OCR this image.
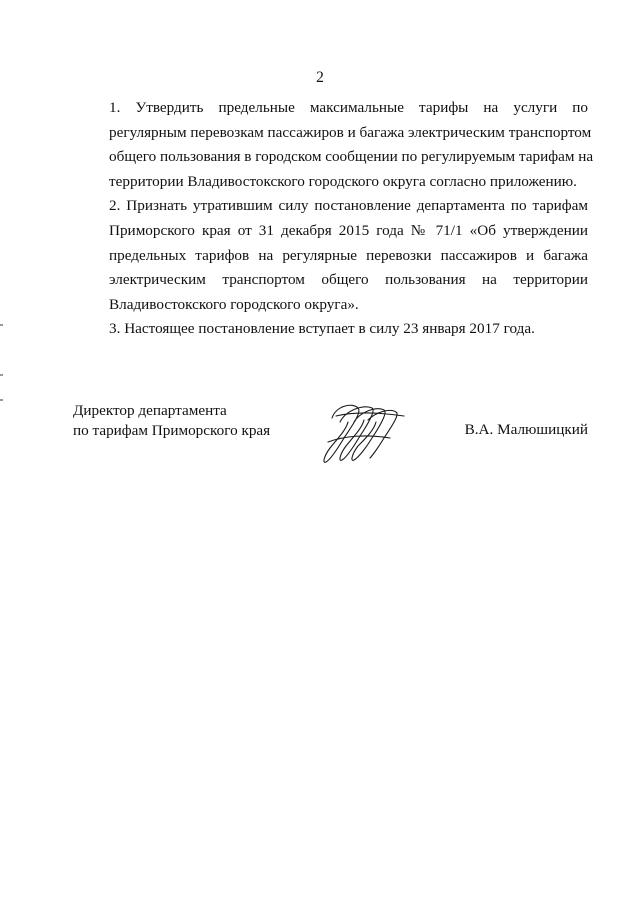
2

1. Утвердить предельные максимальные тарифы на услуги по
регулярным перевозкам пассажиров и багажа электрическим транспортом
общего пользования в городском сообщении по регулируемым тарифам на
территории Владивостокского городского округа согласно приложению.

2. Признать утратившим силу постановление департамента по тарифам
Приморского края от 31 декабря 2015 года № 71/1 «Об утверждении
предельных тарифов на регулярные перевозки пассажиров и багажа
электрическим транспортом общего пользования на территории
Владивостокского городского округа».

3. Настоящее постановление вступает в силу 23 января 2017 года.

Директор департамента
по тарифам Приморского края	В.А. Малюшицкий
